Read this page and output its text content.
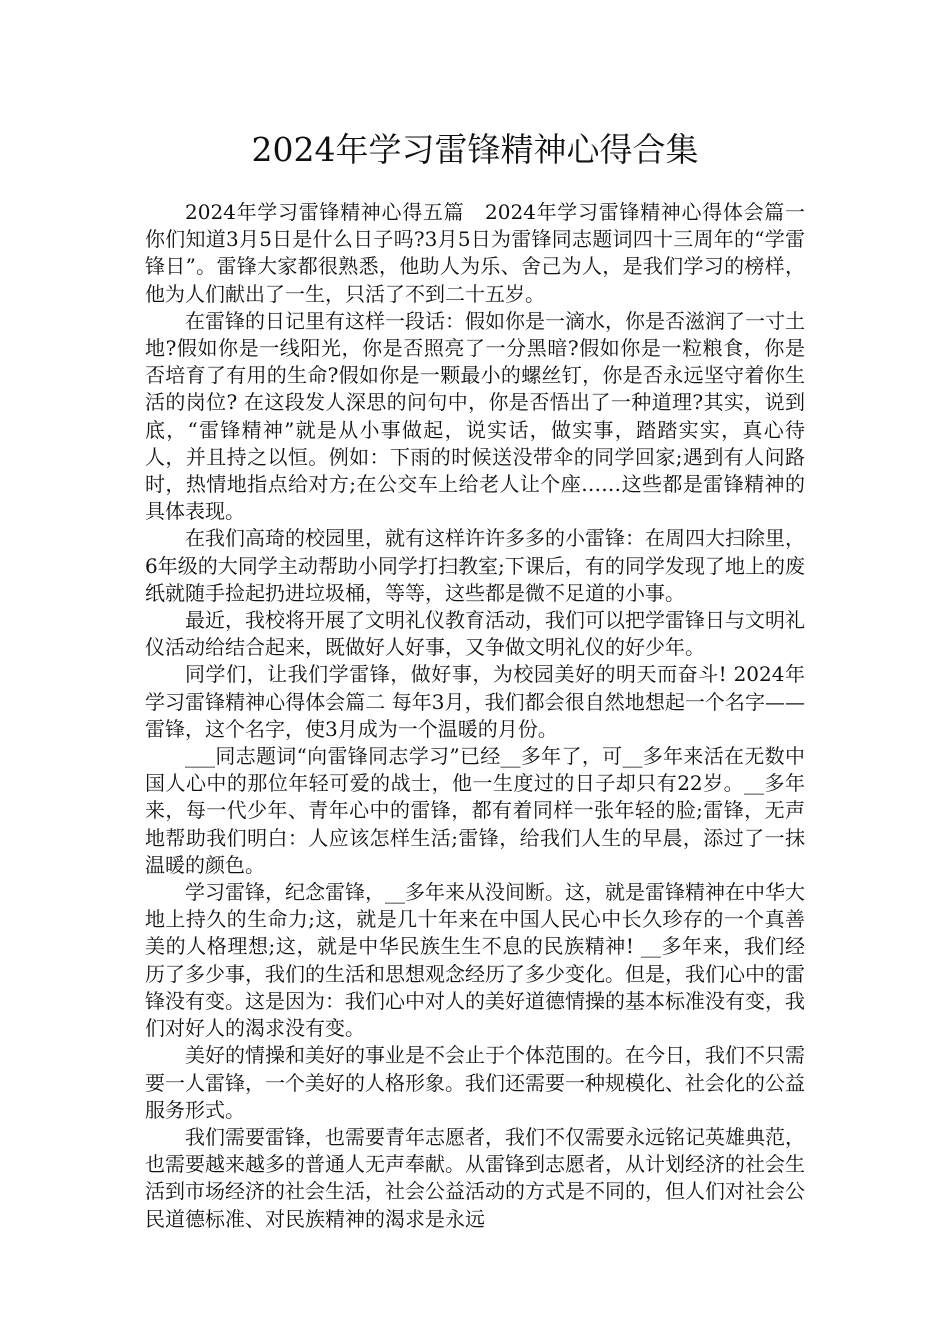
2024年学习雷锋精神心得合集

2024年学习雷锋精神心得五篇　2024年学习雷锋精神心得体会篇一 你们知道3月5日是什么日子吗?3月5日为雷锋同志题词四十三周年的“学雷锋日”。雷锋大家都很熟悉，他助人为乐、舍己为人，是我们学习的榜样，他为人们献出了一生，只活了不到二十五岁。

在雷锋的日记里有这样一段话：假如你是一滴水，你是否滋润了一寸土地?假如你是一线阳光，你是否照亮了一分黑暗?假如你是一粒粮食，你是否培育了有用的生命?假如你是一颗最小的螺丝钉，你是否永远坚守着你生活的岗位? 在这段发人深思的问句中，你是否悟出了一种道理?其实，说到底，“雷锋精神”就是从小事做起，说实话，做实事，踏踏实实，真心待人，并且持之以恒。例如：下雨的时候送没带伞的同学回家;遇到有人问路时，热情地指点给对方;在公交车上给老人让个座……这些都是雷锋精神的具体表现。

在我们高琦的校园里，就有这样许许多多的小雷锋：在周四大扫除里，6年级的大同学主动帮助小同学打扫教室;下课后，有的同学发现了地上的废纸就随手捡起扔进垃圾桶，等等，这些都是微不足道的小事。

最近，我校将开展了文明礼仪教育活动，我们可以把学雷锋日与文明礼仪活动给结合起来，既做好人好事，又争做文明礼仪的好少年。

同学们，让我们学雷锋，做好事，为校园美好的明天而奋斗! 2024年学习雷锋精神心得体会篇二 每年3月，我们都会很自然地想起一个名字——雷锋，这个名字，使3月成为一个温暖的月份。

___同志题词“向雷锋同志学习”已经__多年了，可__多年来活在无数中国人心中的那位年轻可爱的战士，他一生度过的日子却只有22岁。__多年来，每一代少年、青年心中的雷锋，都有着同样一张年轻的脸;雷锋，无声地帮助我们明白：人应该怎样生活;雷锋，给我们人生的早晨，添过了一抹温暖的颜色。

学习雷锋，纪念雷锋，__多年来从没间断。这，就是雷锋精神在中华大地上持久的生命力;这，就是几十年来在中国人民心中长久珍存的一个真善美的人格理想;这，就是中华民族生生不息的民族精神! __多年来，我们经历了多少事，我们的生活和思想观念经历了多少变化。但是，我们心中的雷锋没有变。这是因为：我们心中对人的美好道德情操的基本标准没有变，我们对好人的渴求没有变。

美好的情操和美好的事业是不会止于个体范围的。在今日，我们不只需要一人雷锋，一个美好的人格形象。我们还需要一种规模化、社会化的公益服务形式。

我们需要雷锋，也需要青年志愿者，我们不仅需要永远铭记英雄典范，也需要越来越多的普通人无声奉献。从雷锋到志愿者，从计划经济的社会生活到市场经济的社会生活，社会公益活动的方式是不同的，但人们对社会公民道德标准、对民族精神的渴求是永远
